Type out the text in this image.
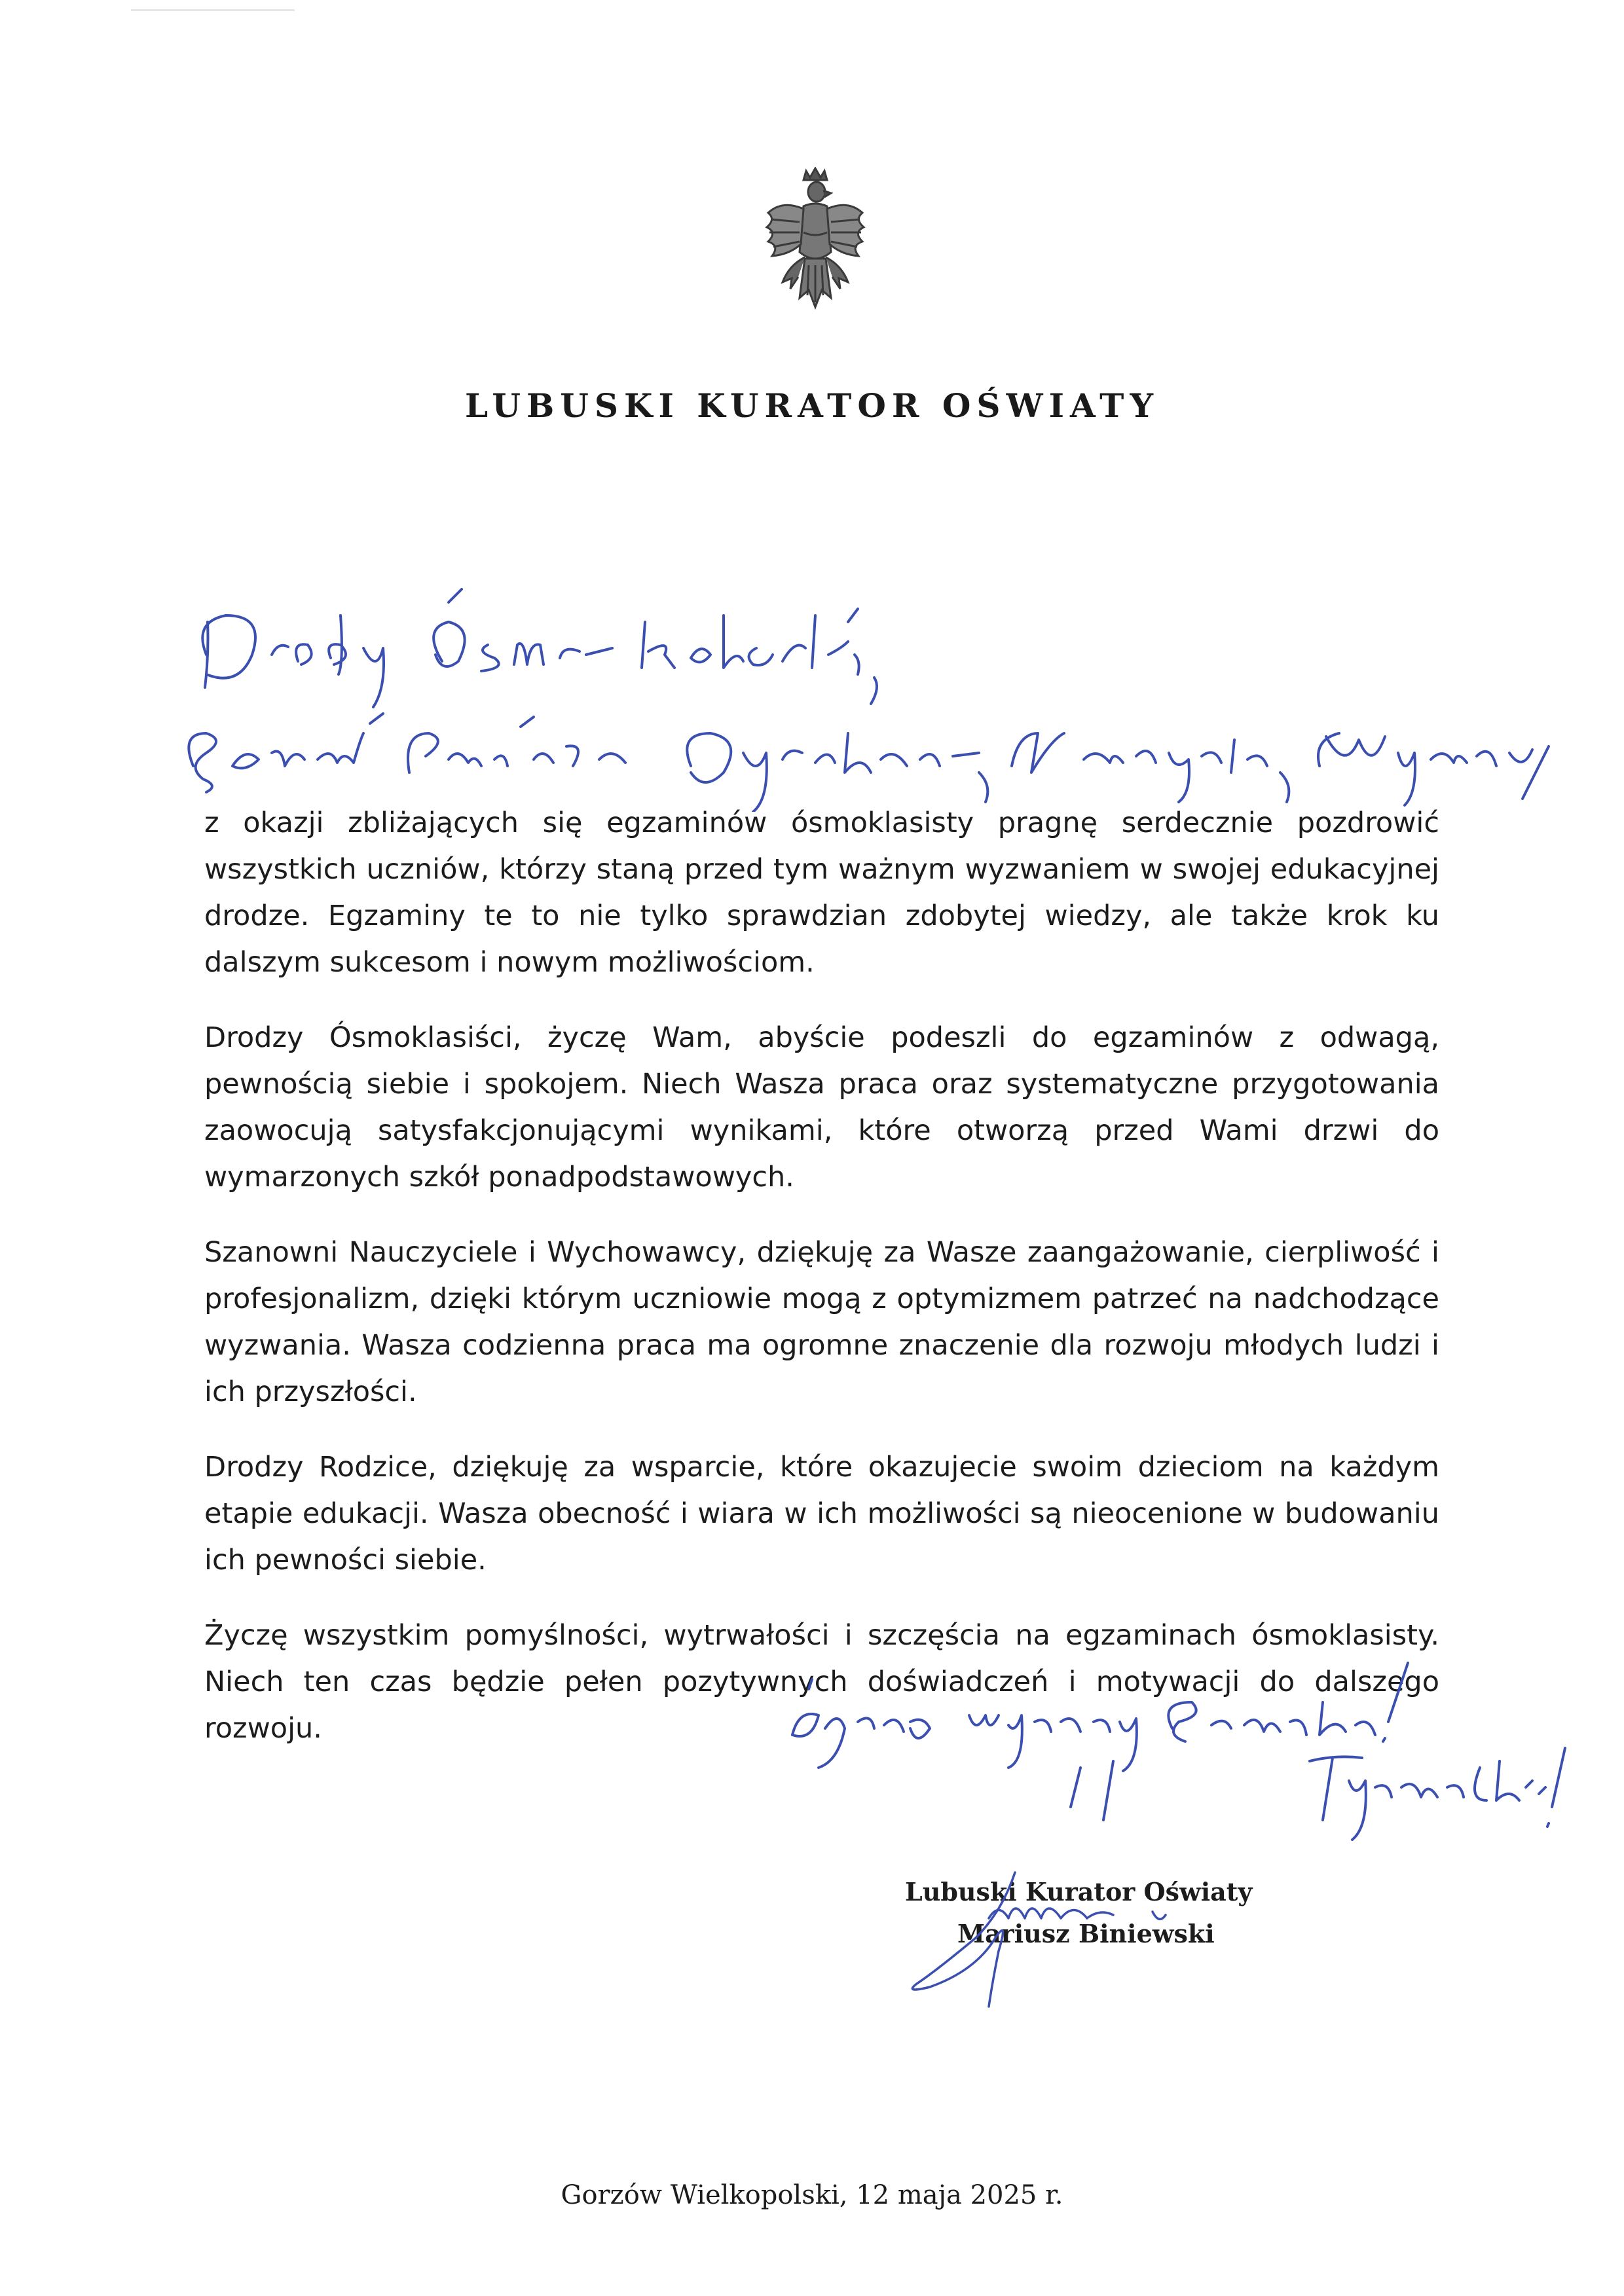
LUBUSKI KURATOR OŚWIATY

z okazji zbliżających się egzaminów ósmoklasisty pragnę serdecznie pozdrowić wszystkich uczniów, którzy staną przed tym ważnym wyzwaniem w swojej edukacyjnej drodze. Egzaminy te to nie tylko sprawdzian zdobytej wiedzy, ale także krok ku dalszym sukcesom i nowym możliwościom.

Drodzy Ósmoklasiści, życzę Wam, abyście podeszli do egzaminów z odwagą, pewnością siebie i spokojem. Niech Wasza praca oraz systematyczne przygotowania zaowocują satysfakcjonującymi wynikami, które otworzą przed Wami drzwi do wymarzonych szkół ponadpodstawowych.

Szanowni Nauczyciele i Wychowawcy, dziękuję za Wasze zaangażowanie, cierpliwość i profesjonalizm, dzięki którym uczniowie mogą z optymizmem patrzeć na nadchodzące wyzwania. Wasza codzienna praca ma ogromne znaczenie dla rozwoju młodych ludzi i ich przyszłości.

Drodzy Rodzice, dziękuję za wsparcie, które okazujecie swoim dzieciom na każdym etapie edukacji. Wasza obecność i wiara w ich możliwości są nieocenione w budowaniu ich pewności siebie.

Życzę wszystkim pomyślności, wytrwałości i szczęścia na egzaminach ósmoklasisty. Niech ten czas będzie pełen pozytywnych doświadczeń i motywacji do dalszego rozwoju.

Lubuski Kurator Oświaty
Mariusz Biniewski
Gorzów Wielkopolski, 12 maja 2025 r.
